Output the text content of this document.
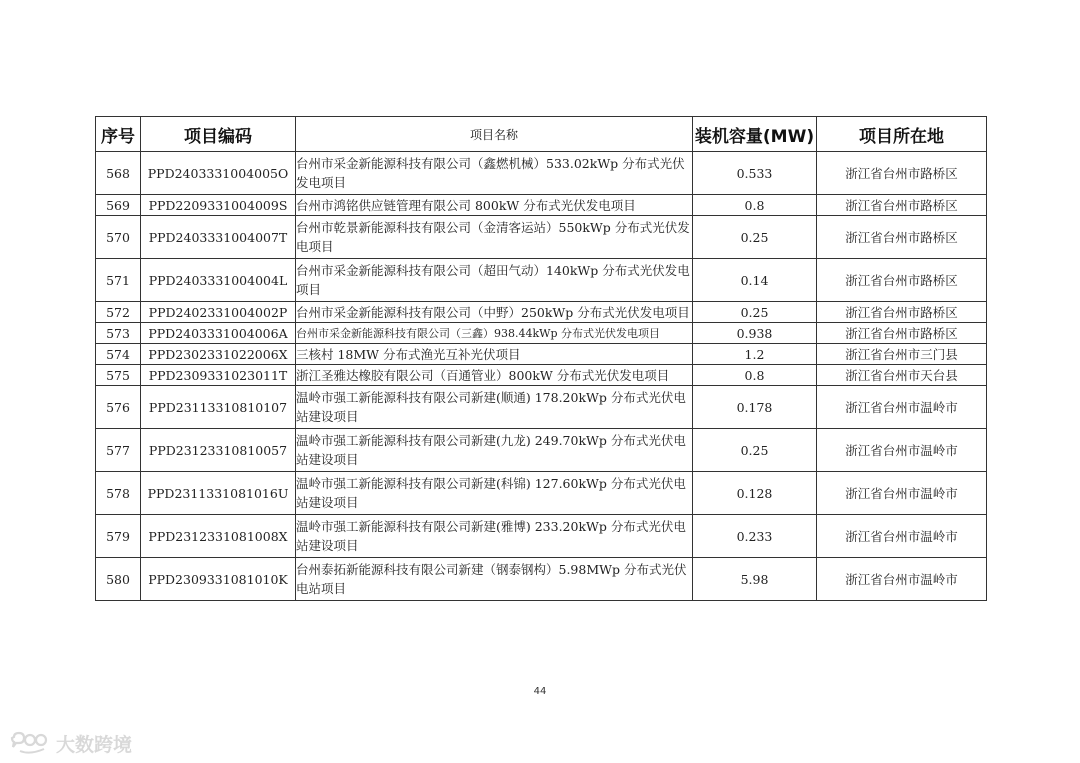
序号	项目编码	项目名称	装机容量(MW)	项目所在地
568	PPD2403331004005O	台州市采金新能源科技有限公司（鑫燃机械）533.02kWp 分布式光伏发电项目	0.533	浙江省台州市路桥区
569	PPD2209331004009S	台州市鸿铭供应链管理有限公司 800kW 分布式光伏发电项目	0.8	浙江省台州市路桥区
570	PPD2403331004007T	台州市乾景新能源科技有限公司（金清客运站）550kWp 分布式光伏发电项目	0.25	浙江省台州市路桥区
571	PPD2403331004004L	台州市采金新能源科技有限公司（超田气动）140kWp 分布式光伏发电项目	0.14	浙江省台州市路桥区
572	PPD2402331004002P	台州市采金新能源科技有限公司（中野）250kWp 分布式光伏发电项目	0.25	浙江省台州市路桥区
573	PPD2403331004006A	台州市采金新能源科技有限公司（三鑫）938.44kWp 分布式光伏发电项目	0.938	浙江省台州市路桥区
574	PPD2302331022006X	三核村 18MW 分布式渔光互补光伏项目	1.2	浙江省台州市三门县
575	PPD2309331023011T	浙江圣雅达橡胶有限公司（百通管业）800kW 分布式光伏发电项目	0.8	浙江省台州市天台县
576	PPD23113310810107	温岭市强工新能源科技有限公司新建(顺通) 178.20kWp 分布式光伏电站建设项目	0.178	浙江省台州市温岭市
577	PPD23123310810057	温岭市强工新能源科技有限公司新建(九龙) 249.70kWp 分布式光伏电站建设项目	0.25	浙江省台州市温岭市
578	PPD2311331081016U	温岭市强工新能源科技有限公司新建(科锦) 127.60kWp 分布式光伏电站建设项目	0.128	浙江省台州市温岭市
579	PPD2312331081008X	温岭市强工新能源科技有限公司新建(雅博) 233.20kWp 分布式光伏电站建设项目	0.233	浙江省台州市温岭市
580	PPD2309331081010K	台州泰拓新能源科技有限公司新建（钢泰钢构）5.98MWp 分布式光伏电站项目	5.98	浙江省台州市温岭市
44
大数跨境
